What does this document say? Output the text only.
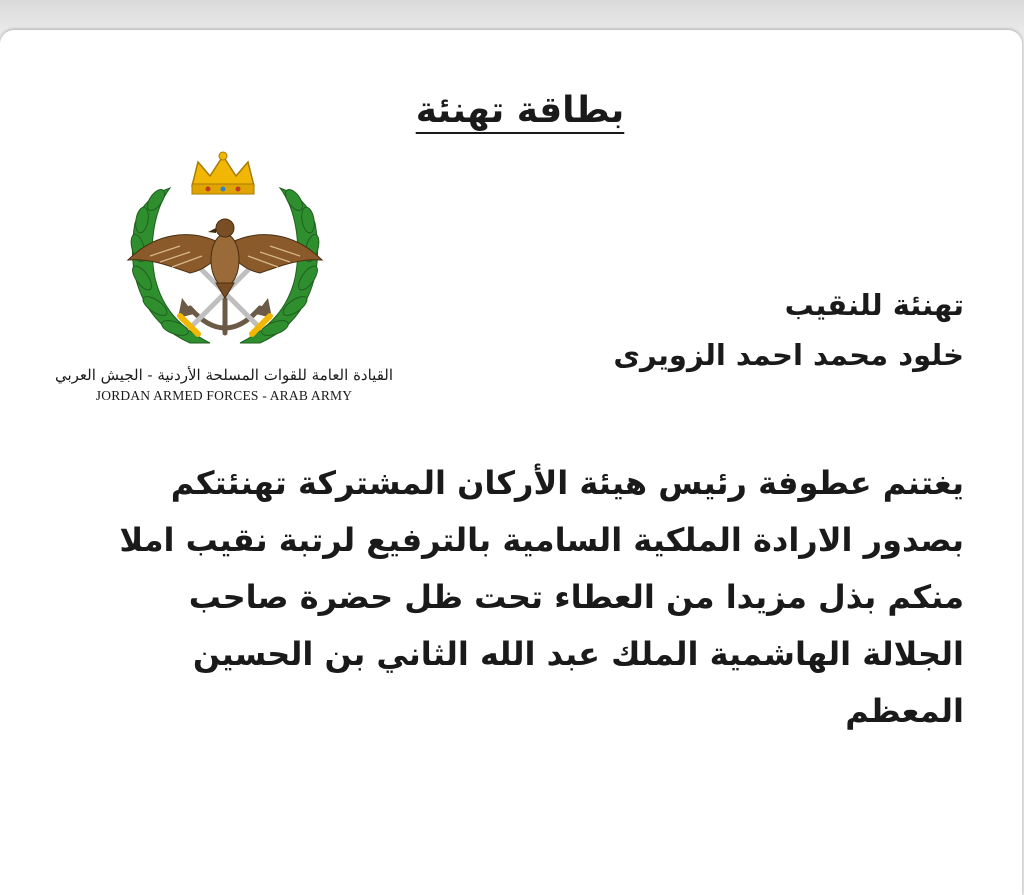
بطاقة تهنئة
القيادة العامة للقوات المسلحة الأردنية - الجيش العربي
JORDAN ARMED FORCES - ARAB ARMY
تهنئة للنقيب
خلود محمد احمد الزويرى
يغتنم عطوفة رئيس هيئة الأركان المشتركة تهنئتكم
بصدور الارادة الملكية السامية بالترفيع لرتبة نقيب املا
منكم بذل مزيدا من العطاء تحت ظل حضرة صاحب
الجلالة الهاشمية الملك عبد الله الثاني بن الحسين
المعظم
